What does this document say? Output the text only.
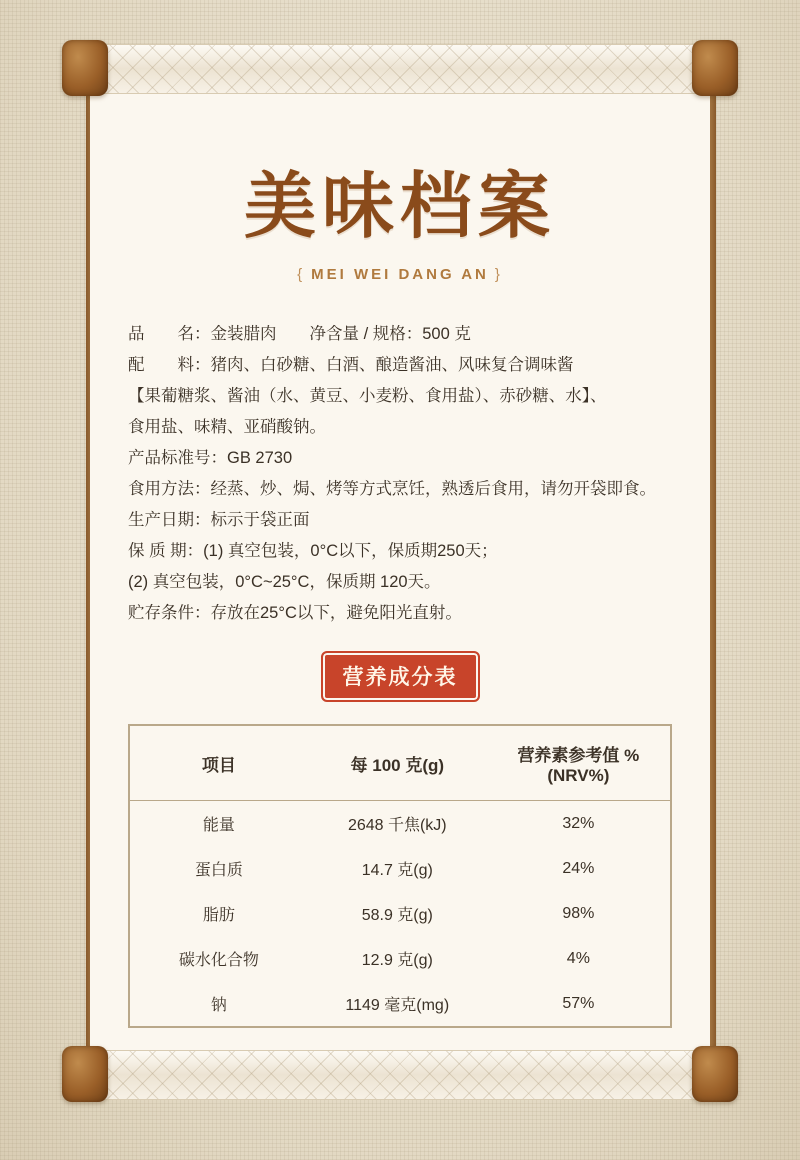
美味档案
{ MEI WEI DANG AN }
品　　名：金装腊肉　　净含量 / 规格：500 克
配　　料：猪肉、白砂糖、白酒、酿造酱油、风味复合调味酱
【果葡糖浆、酱油（水、黄豆、小麦粉、食用盐）、赤砂糖、水】、
食用盐、味精、亚硝酸钠。
产品标准号：GB 2730
食用方法：经蒸、炒、焗、烤等方式烹饪，熟透后食用，请勿开袋即食。
生产日期：标示于袋正面
保 质 期：(1) 真空包装，0°C以下，保质期250天；
(2) 真空包装，0°C~25°C，保质期 120天。
贮存条件：存放在25°C以下，避免阳光直射。
营养成分表
项目	每 100 克(g)	营养素参考值 %(NRV%)
能量	2648 千焦(kJ)	32%
蛋白质	14.7 克(g)	24%
脂肪	58.9 克(g)	98%
碳水化合物	12.9 克(g)	4%
钠	1149 毫克(mg)	57%
